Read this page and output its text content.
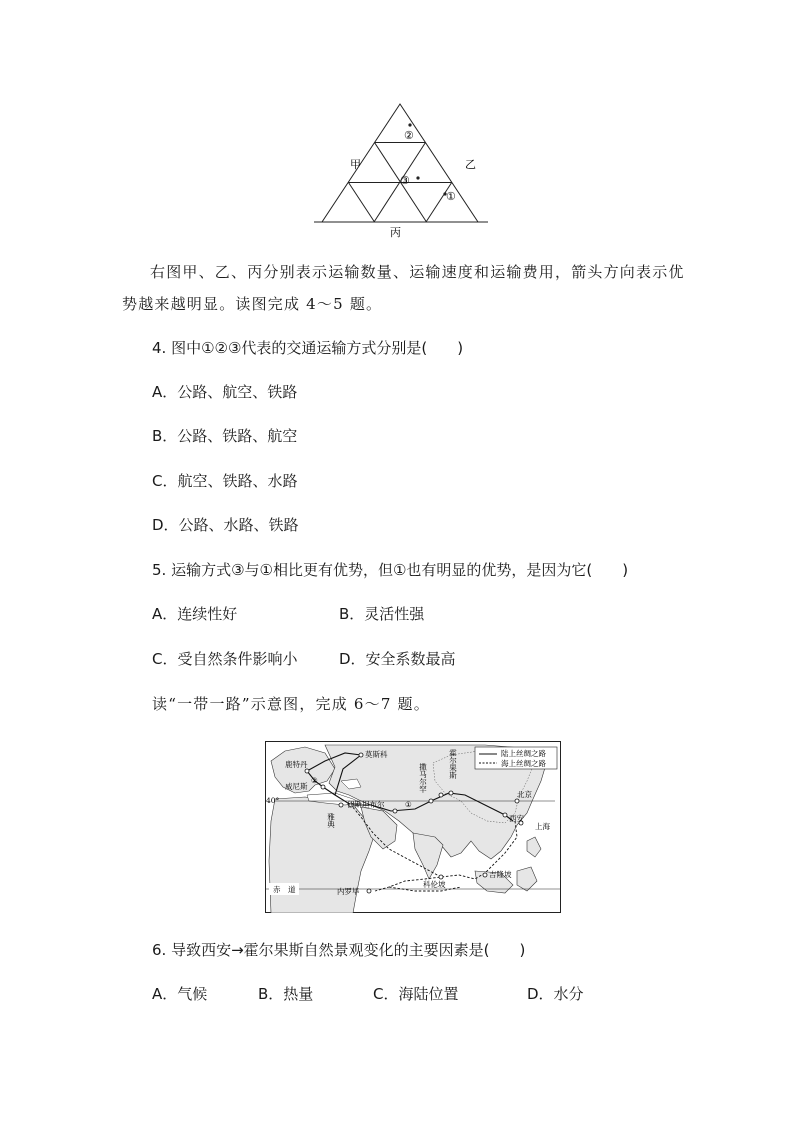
②
③
①
甲	乙
丙
右图甲、乙、丙分别表示运输数量、运输速度和运输费用，箭头方向表示优
势越来越明显。读图完成 4～5 题。
4. 图中①②③代表的交通运输方式分别是(　　)
A．公路、航空、铁路
B．公路、铁路、航空
C．航空、铁路、水路
D．公路、水路、铁路
5. 运输方式③与①相比更有优势，但①也有明显的优势，是因为它(　　)
A．连续性好	B．灵活性强
C．受自然条件影响小	D．安全系数最高
读“一带一路”示意图，完成 6～7 题。
陆上丝绸之路
海上丝绸之路
莫斯科
鹿特丹
威尼斯
雅典
伊斯坦布尔
撒马尔罕	霍尔果斯
北京
西安
上海
科伦坡
吉隆坡
内罗毕
40°
赤　道
①
②
6. 导致西安→霍尔果斯自然景观变化的主要因素是(　　)
A．气候	B．热量	C．海陆位置	D．水分
